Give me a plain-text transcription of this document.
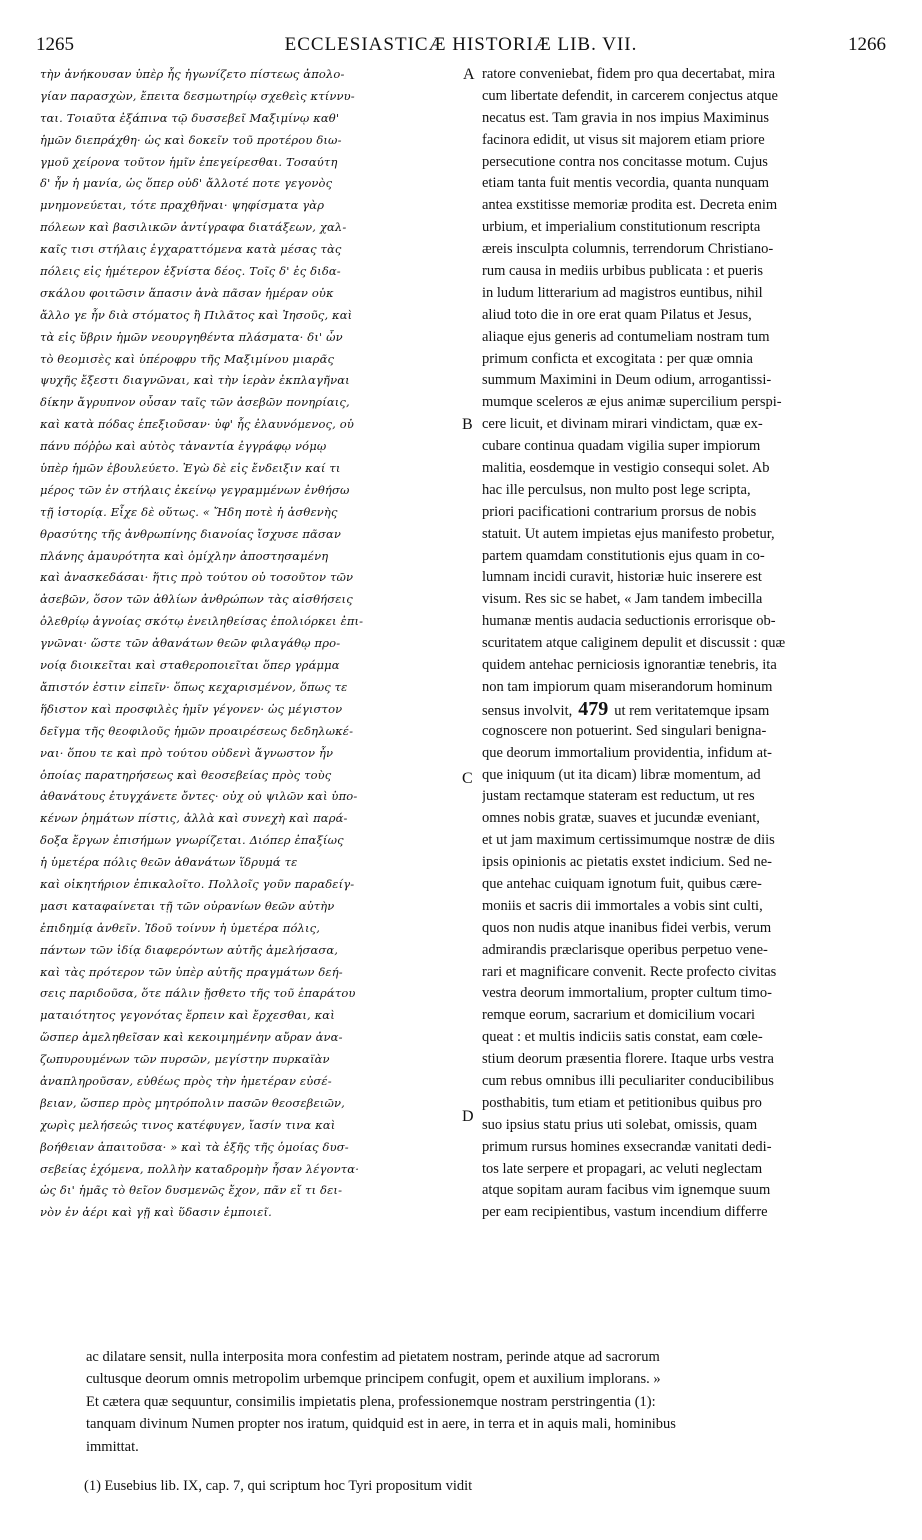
1265	ECCLESIASTICÆ HISTORIÆ LIB. VII.	1266
τὴν ἀνήκουσαν ὑπὲρ ἧς ἠγωνίζετο πίστεως ἀπολο-
γίαν παρασχὼν, ἔπειτα δεσμωτηρίῳ σχεθεὶς κτίννυ-
ται. Τοιαῦτα ἐξάπινα τῷ δυσσεβεῖ Μαξιμίνῳ καθ'
ἡμῶν διεπράχθη· ὡς καὶ δοκεῖν τοῦ προτέρου διω-
γμοῦ χείρονα τοῦτον ἡμῖν ἐπεγείρεσθαι. Τοσαύτη
δ' ἦν ἡ μανία, ὡς ὅπερ οὐδ' ἄλλοτέ ποτε γεγονὸς
μνημονεύεται, τότε πραχθῆναι· ψηφίσματα γὰρ
πόλεων καὶ βασιλικῶν ἀντίγραφα διατάξεων, χαλ-
καῖς τισι στήλαις ἐγχαραττόμενα κατὰ μέσας τὰς
πόλεις εἰς ἡμέτερον ἐξνίστα δέος. Τοῖς δ' ἐς διδα-
σκάλου φοιτῶσιν ἅπασιν ἀνὰ πᾶσαν ἡμέραν οὐκ
ἄλλο γε ἦν διὰ στόματος ἢ Πιλᾶτος καὶ Ἰησοῦς, καὶ
τὰ εἰς ὕβριν ἡμῶν νεουργηθέντα πλάσματα· δι' ὧν
τὸ θεομισὲς καὶ ὑπέροφρυ τῆς Μαξιμίνου μιαρᾶς
ψυχῆς ἔξεστι διαγνῶναι, καὶ τὴν ἱερὰν ἐκπλαγῆναι
δίκην ἄγρυπνον οὖσαν ταῖς τῶν ἀσεβῶν πονηρίαις,
καὶ κατὰ πόδας ἑπεξιοῦσαν· ὑφ' ἧς ἐλαυνόμενος, οὐ
πάνυ πόῤῥω καὶ αὐτὸς τἀναντία ἐγγράφῳ νόμῳ
ὑπὲρ ἡμῶν ἐβουλεύετο. Ἐγὼ δὲ εἰς ἔνδειξιν καί τι
μέρος τῶν ἐν στήλαις ἐκείνῳ γεγραμμένων ἐνθήσω
τῇ ἱστορίᾳ. Εἶχε δὲ οὕτως. « Ἤδη ποτὲ ἡ ἀσθενὴς
θρασύτης τῆς ἀνθρωπίνης διανοίας ἴσχυσε πᾶσαν
πλάνης ἀμαυρότητα καὶ ὁμίχλην ἀποστησαμένη
καὶ ἀνασκεδάσαι· ἥτις πρὸ τούτου οὐ τοσοῦτον τῶν
ἀσεβῶν, ὅσον τῶν ἀθλίων ἀνθρώπων τὰς αἰσθήσεις
ὀλεθρίῳ ἀγνοίας σκότῳ ἐνειληθείσας ἐπολιόρκει ἐπι-
γνῶναι· ὥστε τῶν ἀθανάτων θεῶν φιλαγάθῳ προ-
νοίᾳ διοικεῖται καὶ σταθεροποιεῖται ὅπερ γράμμα
ἄπιστόν ἐστιν εἰπεῖν· ὅπως κεχαρισμένον, ὅπως τε
ἥδιστον καὶ προσφιλὲς ἡμῖν γέγονεν· ὡς μέγιστον
δεῖγμα τῆς θεοφιλοῦς ἡμῶν προαιρέσεως δεδηλωκέ-
ναι· ὅπου τε καὶ πρὸ τούτου οὐδενὶ ἄγνωστον ἦν
ὁποίας παρατηρήσεως καὶ θεοσεβείας πρὸς τοὺς
ἀθανάτους ἐτυγχάνετε ὄντες· οὐχ οὐ ψιλῶν καὶ ὑπο-
κένων ῥημάτων πίστις, ἀλλὰ καὶ συνεχὴ καὶ παρά-
δοξα ἔργων ἐπισήμων γνωρίζεται. Διόπερ ἐπαξίως
ἡ ὑμετέρα πόλις θεῶν ἀθανάτων ἵδρυμά τε
καὶ οἰκητήριον ἐπικαλοῖτο. Πολλοῖς γοῦν παραδείγ-
μασι καταφαίνεται τῇ τῶν οὐρανίων θεῶν αὐτὴν
ἐπιδημίᾳ ἀνθεῖν. Ἰδοῦ τοίνυν ἡ ὑμετέρα πόλις,
πάντων τῶν ἰδίᾳ διαφερόντων αὐτῆς ἀμελήσασα,
καὶ τὰς πρότερον τῶν ὑπὲρ αὐτῆς πραγμάτων δεή-
σεις παριδοῦσα, ὅτε πάλιν ᾔσθετο τῆς τοῦ ἐπαράτου
ματαιότητος γεγονότας ἕρπειν καὶ ἔρχεσθαι, καὶ
ὥσπερ ἀμεληθεῖσαν καὶ κεκοιμημένην αὔραν ἀνα-
ζωπυρουμένων τῶν πυρσῶν, μεγίστην πυρκαϊὰν
ἀναπληροῦσαν, εὐθέως πρὸς τὴν ἡμετέραν εὐσέ-
βειαν, ὥσπερ πρὸς μητρόπολιν πασῶν θεοσεβειῶν,
χωρὶς μελήσεώς τινος κατέφυγεν, ἴασίν τινα καὶ
βοήθειαν ἀπαιτοῦσα· » καὶ τὰ ἑξῆς τῆς ὁμοίας δυσ-
σεβείας ἐχόμενα, πολλὴν καταδρομὴν ἦσαν λέγοντα·
ὡς δι' ἡμᾶς τὸ θεῖον δυσμενῶς ἔχον, πᾶν εἴ τι δει-
νὸν ἐν ἀέρι καὶ γῇ καὶ ὕδασιν ἐμποιεῖ.
ratore conveniebat, fidem pro qua decertabat, mira
cum libertate defendit, in carcerem conjectus atque
necatus est. Tam gravia in nos impius Maximinus
facinora edidit, ut visus sit majorem etiam priore
persecutione contra nos concitasse motum. Cujus
etiam tanta fuit mentis vecordia, quanta nunquam
antea exstitisse memoriæ prodita est. Decreta enim
urbium, et imperialium constitutionum rescripta
æreis insculpta columnis, terrendorum Christiano-
rum causa in mediis urbibus publicata : et pueris
in ludum litterarium ad magistros euntibus, nihil
aliud toto die in ore erat quam Pilatus et Jesus,
aliaque ejus generis ad contumeliam nostram tum
primum conficta et excogitata : per quæ omnia
summum Maximini in Deum odium, arrogantissi-
mumque sceleros æ ejus animæ supercilium perspi-
cere licuit, et divinam mirari vindictam, quæ ex-
cubare continua quadam vigilia super impiorum
malitia, eosdemque in vestigio consequi solet. Ab
hac ille perculsus, non multo post lege scripta,
priori pacificationi contrarium prorsus de nobis
statuit. Ut autem impietas ejus manifesto probetur,
partem quamdam constitutionis ejus quam in co-
lumnam incidi curavit, historiæ huic inserere est
visum. Res sic se habet, « Jam tandem imbecilla
humanæ mentis audacia seductionis errorisque ob-
scuritatem atque caliginem depulit et discussit : quæ
quidem antehac perniciosis ignorantiæ tenebris, ita
non tam impiorum quam miserandorum hominum
sensus involvit, 479 ut rem veritatemque ipsam
cognoscere non potuerint. Sed singulari benigna-
que deorum immortalium providentia, infidum at-
que iniquum (ut ita dicam) libræ momentum, ad
justam rectamque stateram est reductum, ut res
omnes nobis gratæ, suaves et jucundæ eveniant,
et ut jam maximum certissimumque nostræ de diis
ipsis opinionis ac pietatis exstet indicium. Sed ne-
que antehac cuiquam ignotum fuit, quibus cære-
moniis et sacris dii immortales a vobis sint culti,
quos non nudis atque inanibus fidei verbis, verum
admirandis præclarisque operibus perpetuo vene-
rari et magnificare convenit. Recte profecto civitas
vestra deorum immortalium, propter cultum timo-
remque eorum, sacrarium et domicilium vocari
queat : et multis indiciis satis constat, eam cœle-
stium deorum præsentia florere. Itaque urbs vestra
cum rebus omnibus illi peculiariter conducibilibus
posthabitis, tum etiam et petitionibus quibus pro
suo ipsius statu prius uti solebat, omissis, quam
primum rursus homines exsecrandæ vanitati dedi-
tos late serpere et propagari, ac veluti neglectam
atque sopitam auram facibus vim ignemque suum
per eam recipientibus, vastum incendium differre
A
B
C
D
ac dilatare sensit, nulla interposita mora confestim ad pietatem nostram, perinde atque ad sacrorum
cultusque deorum omnis metropolim urbemque principem confugit, opem et auxilium implorans. »
Et cætera quæ sequuntur, consimilis impietatis plena, professionemque nostram perstringentia (1):
tanquam divinum Numen propter nos iratum, quidquid est in aere, in terra et in aquis mali, hominibus
immittat.
(1) Eusebius lib. IX, cap. 7, qui scriptum hoc Tyri propositum vidit
